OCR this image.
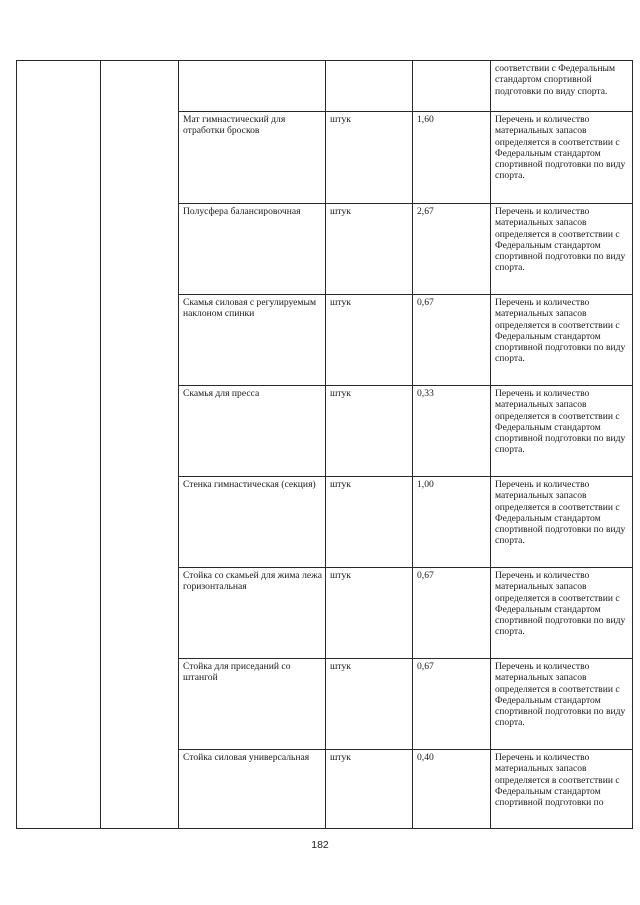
					соответствии с Федеральным стандартом спортивной подготовки по виду спорта.
		Мат гимнастический для отработки бросков	штук	1,60	Перечень и количество материальных запасов определяется в соответствии с Федеральным стандартом спортивной подготовки по виду спорта.
		Полусфера балансировочная	штук	2,67	Перечень и количество материальных запасов определяется в соответствии с Федеральным стандартом спортивной подготовки по виду спорта.
		Скамья силовая с регулируемым наклоном спинки	штук	0,67	Перечень и количество материальных запасов определяется в соответствии с Федеральным стандартом спортивной подготовки по виду спорта.
		Скамья для пресса	штук	0,33	Перечень и количество материальных запасов определяется в соответствии с Федеральным стандартом спортивной подготовки по виду спорта.
		Стенка гимнастическая (секция)	штук	1,00	Перечень и количество материальных запасов определяется в соответствии с Федеральным стандартом спортивной подготовки по виду спорта.
		Стойка со скамьей для жима лежа горизонтальная	штук	0,67	Перечень и количество материальных запасов определяется в соответствии с Федеральным стандартом спортивной подготовки по виду спорта.
		Стойка для приседаний со штангой	штук	0,67	Перечень и количество материальных запасов определяется в соответствии с Федеральным стандартом спортивной подготовки по виду спорта.
		Стойка силовая универсальная	штук	0,40	Перечень и количество материальных запасов определяется в соответствии с Федеральным стандартом спортивной подготовки по
182
